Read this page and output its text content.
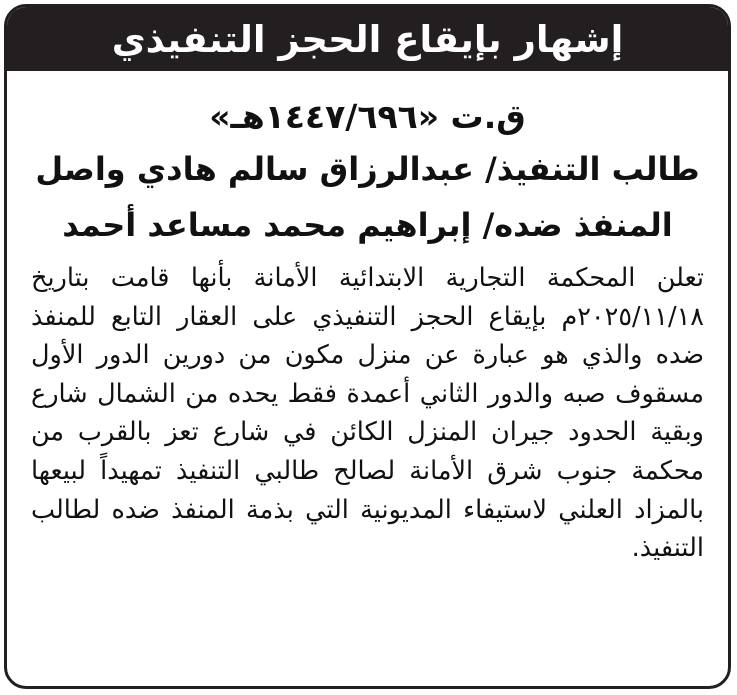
إشهار بإيقاع الحجز التنفيذي
ق.ت «١٤٤٧/٦٩٦هـ»
طالب التنفيذ/ عبدالرزاق سالم هادي واصل
المنفذ ضده/ إبراهيم محمد مساعد أحمد

تعلن المحكمة التجارية الابتدائية الأمانة بأنها قامت بتاريخ ٢٠٢٥/١١/١٨م بإيقاع الحجز التنفيذي على العقار التابع للمنفذ ضده والذي هو عبارة عن منزل مكون من دورين الدور الأول مسقوف صبه والدور الثاني أعمدة فقط يحده من الشمال شارع وبقية الحدود جيران المنزل الكائن في شارع تعز بالقرب من محكمة جنوب شرق الأمانة لصالح طالبي التنفيذ تمهيداً لبيعها بالمزاد العلني لاستيفاء المديونية التي بذمة المنفذ ضده لطالب التنفيذ.
